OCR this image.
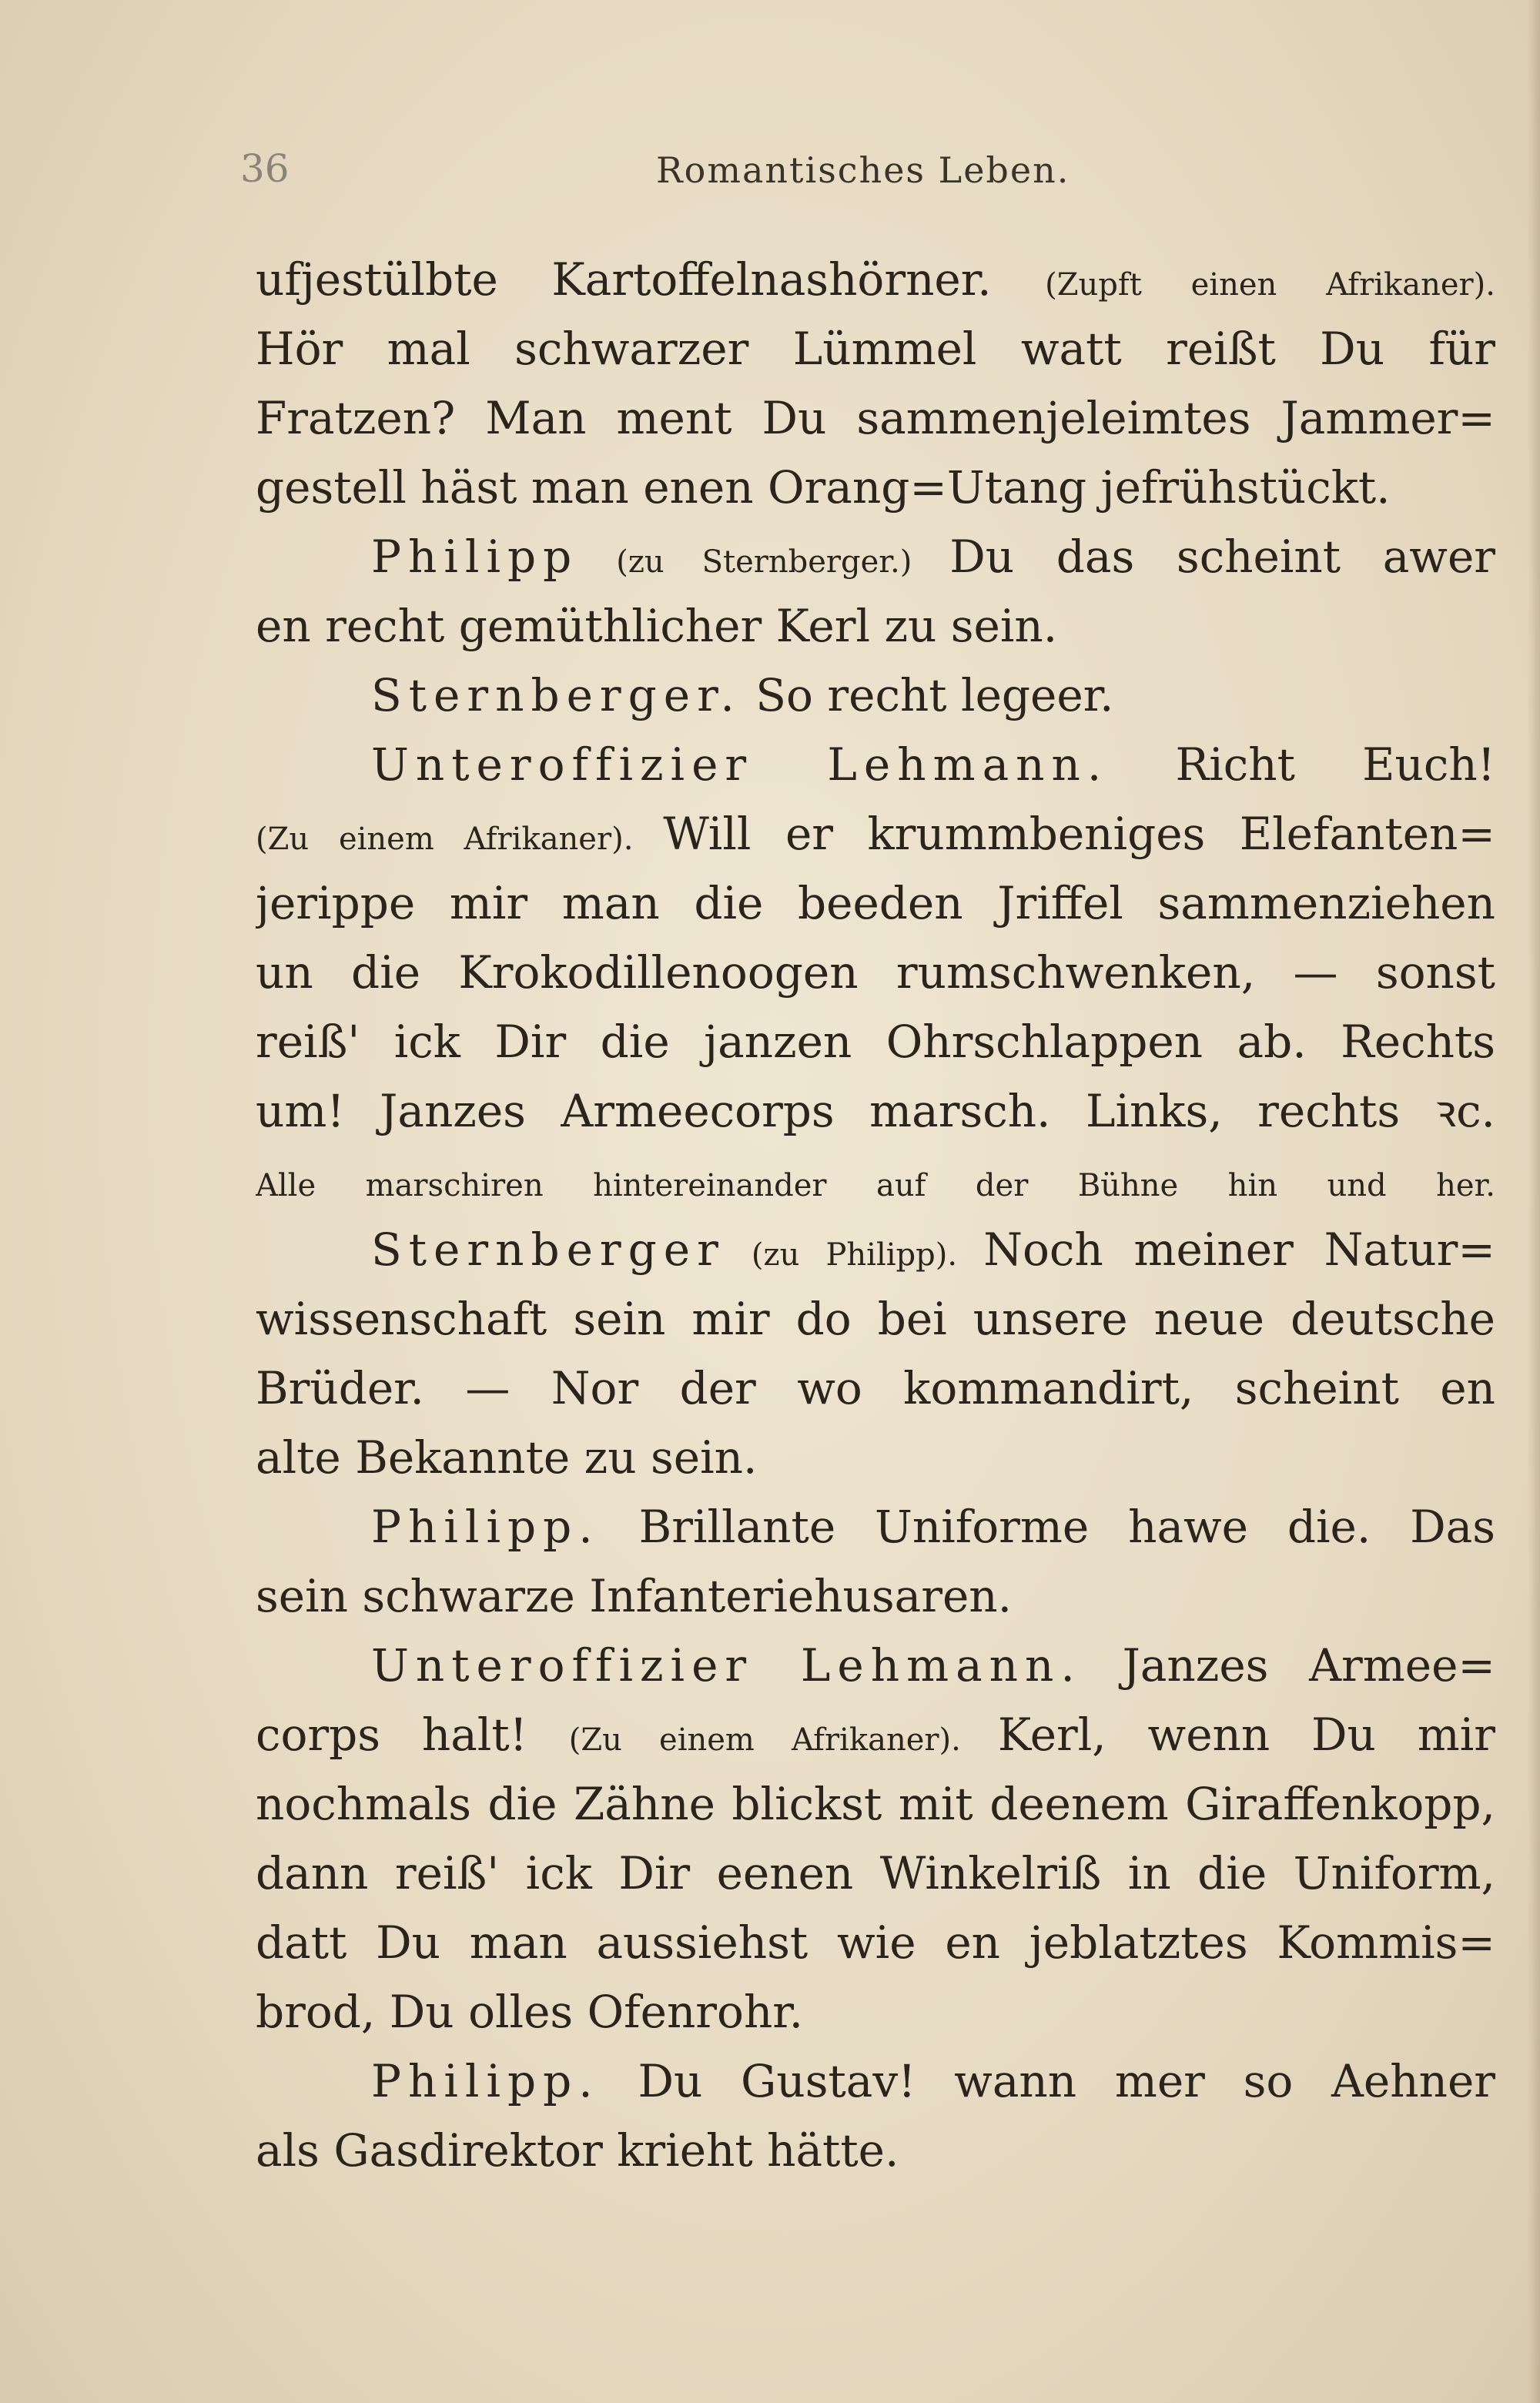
36	Romantisches Leben.
ufjestülbte Kartoffelnashörner. (Zupft einen Afrikaner).
Hör mal schwarzer Lümmel watt reißt Du für
Fratzen? Man ment Du sammenjeleimtes Jammer=
gestell häst man enen Orang=Utang jefrühstückt.
Philipp (zu Sternberger.) Du das scheint awer
en recht gemüthlicher Kerl zu sein.
Sternberger. So recht legeer.
Unteroffizier Lehmann. Richt Euch!
(Zu einem Afrikaner). Will er krummbeniges Elefanten=
jerippe mir man die beeden Jriffel sammenziehen
un die Krokodillenoogen rumschwenken, — sonst
reiß' ick Dir die janzen Ohrschlappen ab. Rechts
um! Janzes Armeecorps marsch. Links, rechts ꝛc.
Alle marschiren hintereinander auf der Bühne hin und her.
Sternberger (zu Philipp). Noch meiner Natur=
wissenschaft sein mir do bei unsere neue deutsche
Brüder. — Nor der wo kommandirt, scheint en
alte Bekannte zu sein.
Philipp. Brillante Uniforme hawe die. Das
sein schwarze Infanteriehusaren.
Unteroffizier Lehmann. Janzes Armee=
corps halt! (Zu einem Afrikaner). Kerl, wenn Du mir
nochmals die Zähne blickst mit deenem Giraffenkopp,
dann reiß' ick Dir eenen Winkelriß in die Uniform,
datt Du man aussiehst wie en jeblatztes Kommis=
brod, Du olles Ofenrohr.
Philipp. Du Gustav! wann mer so Aehner
als Gasdirektor krieht hätte.
